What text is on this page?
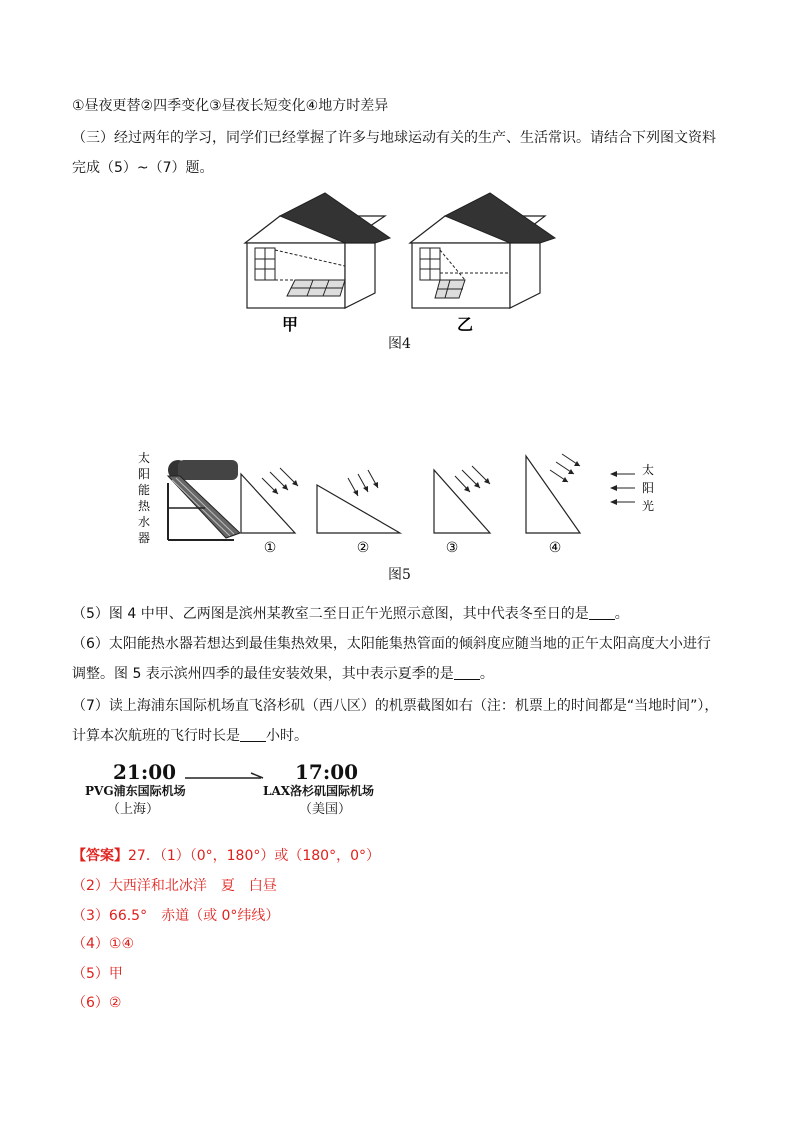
①昼夜更替②四季变化③昼夜长短变化④地方时差异
（三）经过两年的学习，同学们已经掌握了许多与地球运动有关的生产、生活常识。请结合下列图文资料
完成（5）~（7）题。
甲	乙
图4
太
阳
能
热
水
器
太
阳
光
①	②	③	④
图5
（5）图 4 中甲、乙两图是滨州某教室二至日正午光照示意图，其中代表冬至日的是 。
（6）太阳能热水器若想达到最佳集热效果，太阳能集热管面的倾斜度应随当地的正午太阳高度大小进行
调整。图 5 表示滨州四季的最佳安装效果，其中表示夏季的是 。
（7）读上海浦东国际机场直飞洛杉矶（西八区）的机票截图如右（注：机票上的时间都是“当地时间”），
计算本次航班的飞行时长是 小时。
21:00
PVG浦东国际机场
（上海）
17:00
LAX洛杉矶国际机场
（美国）
【答案】27．（1）（0°，180°）或（180°，0°）
（2）大西洋和北冰洋　夏　白昼
（3）66.5°　赤道（或 0°纬线）
（4）①④
（5）甲
（6）②
